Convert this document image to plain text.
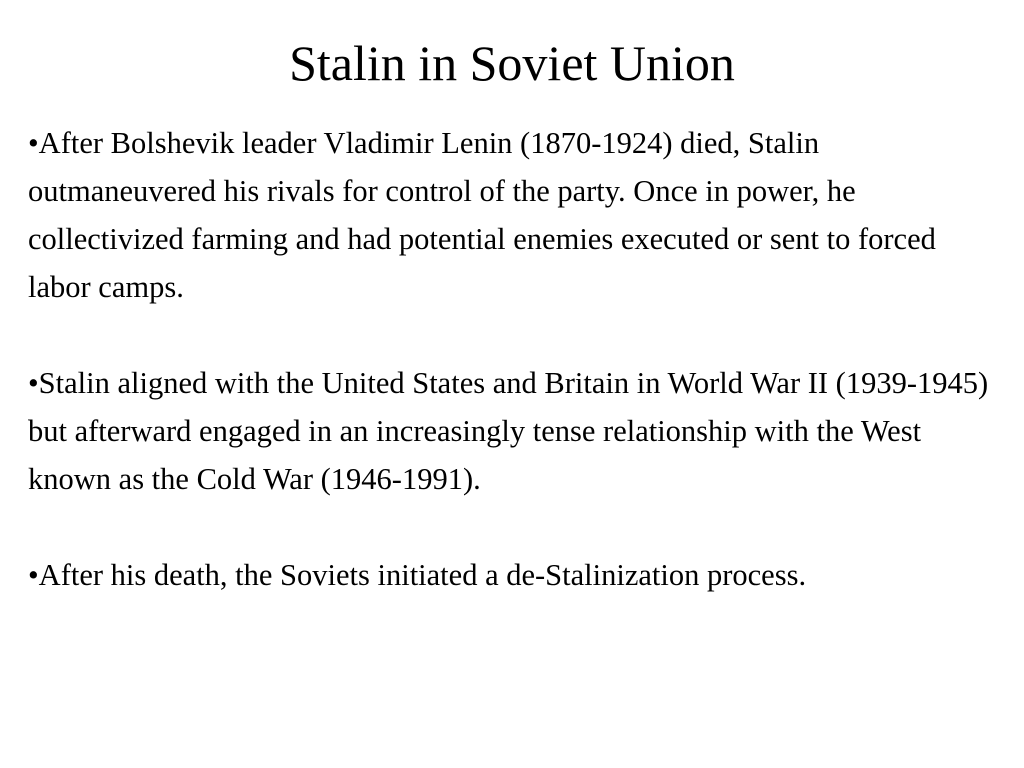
Stalin in Soviet Union

•After Bolshevik leader Vladimir Lenin (1870-1924) died, Stalin outmaneuvered his rivals for control of the party. Once in power, he collectivized farming and had potential enemies executed or sent to forced labor camps.

•Stalin aligned with the United States and Britain in World War II (1939-1945) but afterward engaged in an increasingly tense relationship with the West known as the Cold War (1946-1991).

•After his death, the Soviets initiated a de-Stalinization process.
